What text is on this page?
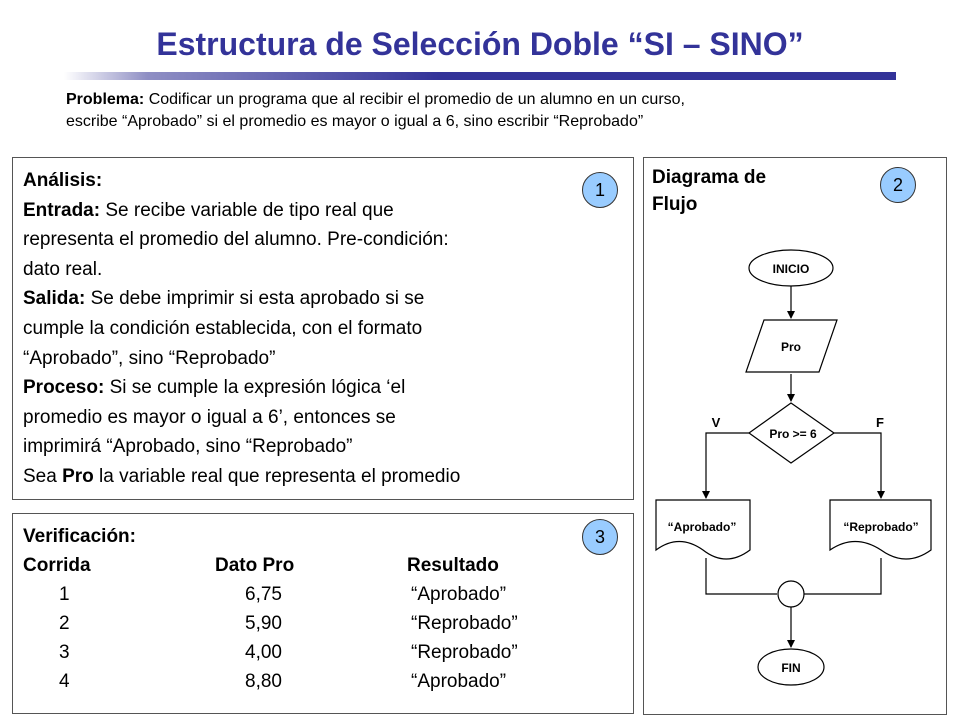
Estructura de Selección Doble “SI – SINO”
Problema: Codificar un programa que al recibir el promedio de un alumno en un curso,
escribe “Aprobado” si el promedio es mayor o igual a 6, sino escribir “Reprobado”
1
Análisis:
Entrada: Se recibe variable de tipo real que
representa el promedio del alumno. Pre-condición:
dato real.
Salida: Se debe imprimir si esta aprobado si se
cumple la condición establecida, con el formato
“Aprobado”, sino “Reprobado”
Proceso: Si se cumple la expresión lógica ‘el
promedio es mayor o igual a 6’, entonces se
imprimirá “Aprobado, sino “Reprobado”
Sea Pro la variable real que representa el promedio
3
Verificación:
Corrida	Dato Pro	Resultado
1	6,75	“Aprobado”
2	5,90	“Reprobado”
3	4,00	“Reprobado”
4	8,80	“Aprobado”
INICIO
Pro
Pro >= 6
V	F
“Aprobado”	“Reprobado”
FIN
Diagrama de
Flujo
2
